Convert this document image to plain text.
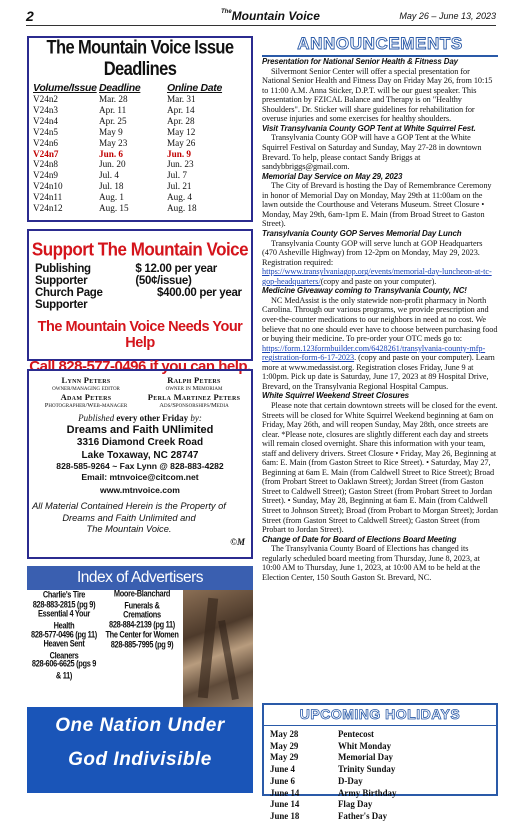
2	$^{The}$Mountain Voice	May 26 – June 13, 2023
The Mountain Voice Issue Deadlines
Volume/Issue Deadline	Online Date
V24n2	Mar. 28	Mar. 31
V24n3	Apr. 11	Apr. 14
V24n4	Apr. 25	Apr. 28
V24n5	May 9	May 12
V24n6	May 23	May 26
V24n7	Jun. 6	Jun. 9
V24n8	Jun. 20	Jun. 23
V24n9	Jul. 4	Jul. 7
V24n10	Jul. 18	Jul. 21
V24n11	Aug. 1	Aug. 4
V24n12	Aug. 15	Aug. 18
Support The Mountain Voice
Publishing Supporter
$ 12.00 per year (50¢/issue)
Church Page Supporter
$400.00 per year
The Mountain Voice Needs Your Help
Call 828-577-0496 if you can help.
Lynn Peters
owner/managing editor
Ralph Peters
owner in Memoriam
Adam Peters
Photographer/Web-manager
Perla Martinez Peters
Ads/Sponsorships/Media
Published every other Friday by:
Dreams and Faith UNlimited
3316 Diamond Creek Road
Lake Toxaway, NC 28747
828-585-9264 ~ Fax Lynn @ 828-883-4282
Email: mtnvoice@citcom.net
www.mtnvoice.com
All Material Contained Herein is the Property of
Dreams and Faith Unlimited and
The Mountain Voice.
©M
Index of Advertisers
Charlie's Tire
828-883-2815 (pg 9)
Essential 4 Your Health
828-577-0496 (pg 11)
Heaven Sent Cleaners
828-606-6625 (pgs 9 & 11)
Moore-Blanchard Funerals &
Cremations
828-884-2139 (pg 11)
The Center for Women
828-885-7995 (pg 9)
One Nation Under
God Indivisible
ANNOUNCEMENTS
Presentation for National Senior Health & Fitness Day
Silvermont Senior Center will offer a special presentation for National Senior Health and Fitness Day on Friday May 26, from 10:15 to 11:00 A.M. Anna Sticker, D.P.T. will be our guest speaker. This presentation by FZICAL Balance and Therapy is on "Healthy Shoulders". Dr. Sticker will share guidelines for rehabilitation for overuse injuries and some exercises for healthy shoulders.
Visit Transylvania County GOP Tent at White Squirrel Fest.
Transylvania County GOP will have a GOP Tent at the White Squirrel Festival on Saturday and Sunday, May 27-28 in downtown Brevard. To help, please contact Sandy Briggs at sandybbriggs@gmail.com.
Memorial Day Service on May 29, 2023
The City of Brevard is hosting the Day of Remembrance Ceremony in honor of Memorial Day on Monday, May 29th at 11:00am on the lawn outside the Courthouse and Veterans Museum. Street Closure • Monday, May 29th, 6am-1pm E. Main (from Broad Street to Gaston Street).
Transylvania County GOP Serves Memorial Day Lunch
Transylvania County GOP will serve lunch at GOP Headquarters (470 Asheville Highway) from 12-2pm on Monday, May 29, 2023. Registration required: https://www.transylvaniagop.org/events/memorial-day-luncheon-at-tc-gop-headquarters/(copy and paste on your computer).
Medicine Giveaway coming to Transylvania County, NC!
NC MedAssist is the only statewide non-profit pharmacy in North Carolina. Through our various programs, we provide prescription and over-the-counter medications to our neighbors in need at no cost. We believe that no one should ever have to choose between purchasing food or buying their medicine. To pre-order your OTC meds go to: https://form.123formbuilder.com/6428261/transylvania-county-mfp-registration-form-6-17-2023. (copy and paste on your computer). Learn more at www.medassist.org. Registration closes Friday, June 9 at 1:00pm. Pick up date is Saturday, June 17, 2023 at 89 Hospital Drive, Brevard, on the Transylvania Regional Hospital Campus.
White Squirrel Weekend Street Closures
Please note that certain downtown streets will be closed for the event. Streets will be closed for White Squirrel Weekend beginning at 6am on Friday, May 26th, and will reopen Sunday, May 28th, once streets are clear. *Please note, closures are slightly different each day and streets will remain closed overnight. Share this information with your team, staff and delivery drivers. Street Closure • Friday, May 26, Beginning at 6am: E. Main (from Gaston Street to Rice Street). • Saturday, May 27, Beginning at 6am E. Main (from Caldwell Street to Rice Street); Broad (from Probart Street to Oaklawn Street); Jordan Street (from Gaston Street to Caldwell Street); Gaston Street (from Probart Street to Jordan Street). • Sunday, May 28, Beginning at 6am E. Main (from Caldwell Street to Johnson Street); Broad (from Probart to Morgan Street); Jordan Street (from Gaston Street to Caldwell Street); Gaston Street (from Probart to Jordan Street).
Change of Date for Board of Elections Board Meeting
The Transylvania County Board of Elections has changed its regularly scheduled board meeting from Thursday, June 8, 2023, at 10:00 AM to Thursday, June 1, 2023, at 10:00 AM to be held at the Election Center, 150 South Gaston St. Brevard, NC.
UPCOMING HOLIDAYS
May 28	Pentecost
May 29	Whit Monday
May 29	Memorial Day
June 4	Trinity Sunday
June 6	D-Day
June 14	Army Birthday
June 14	Flag Day
June 18	Father's Day
